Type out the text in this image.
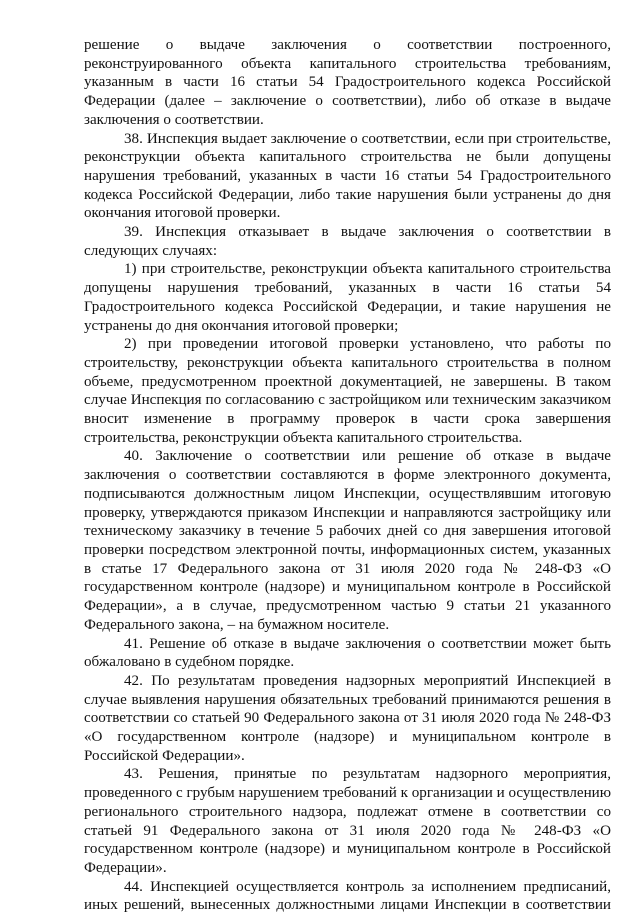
решение о выдаче заключения о соответствии построенного, реконструированного объекта капитального строительства требованиям, указанным в части 16 статьи 54 Градостроительного кодекса Российской Федерации (далее – заключение о соответствии), либо об отказе в выдаче заключения о соответствии.

38. Инспекция выдает заключение о соответствии, если при строительстве, реконструкции объекта капитального строительства не были допущены нарушения требований, указанных в части 16 статьи 54 Градостроительного кодекса Российской Федерации, либо такие нарушения были устранены до дня окончания итоговой проверки.

39. Инспекция отказывает в выдаче заключения о соответствии в следующих случаях:

1) при строительстве, реконструкции объекта капитального строительства допущены нарушения требований, указанных в части 16 статьи 54 Градостроительного кодекса Российской Федерации, и такие нарушения не устранены до дня окончания итоговой проверки;

2) при проведении итоговой проверки установлено, что работы по строительству, реконструкции объекта капитального строительства в полном объеме, предусмотренном проектной документацией, не завершены. В таком случае Инспекция по согласованию с застройщиком или техническим заказчиком вносит изменение в программу проверок в части срока завершения строительства, реконструкции объекта капитального строительства.

40. Заключение о соответствии или решение об отказе в выдаче заключения о соответствии составляются в форме электронного документа, подписываются должностным лицом Инспекции, осуществлявшим итоговую проверку, утверждаются приказом Инспекции и направляются застройщику или техническому заказчику в течение 5 рабочих дней со дня завершения итоговой проверки посредством электронной почты, информационных систем, указанных в статье 17 Федерального закона от 31 июля 2020 года № 248-ФЗ «О государственном контроле (надзоре) и муниципальном контроле в Российской Федерации», а в случае, предусмотренном частью 9 статьи 21 указанного Федерального закона, – на бумажном носителе.

41. Решение об отказе в выдаче заключения о соответствии может быть обжаловано в судебном порядке.

42. По результатам проведения надзорных мероприятий Инспекцией в случае выявления нарушения обязательных требований принимаются решения в соответствии со статьей 90 Федерального закона от 31 июля 2020 года № 248-ФЗ «О государственном контроле (надзоре) и муниципальном контроле в Российской Федерации».

43. Решения, принятые по результатам надзорного мероприятия, проведенного с грубым нарушением требований к организации и осуществлению регионального строительного надзора, подлежат отмене в соответствии со статьей 91 Федерального закона от 31 июля 2020 года № 248-ФЗ «О государственном контроле (надзоре) и муниципальном контроле в Российской Федерации».

44. Инспекцией осуществляется контроль за исполнением предписаний, иных решений, вынесенных должностными лицами Инспекции в соответствии
